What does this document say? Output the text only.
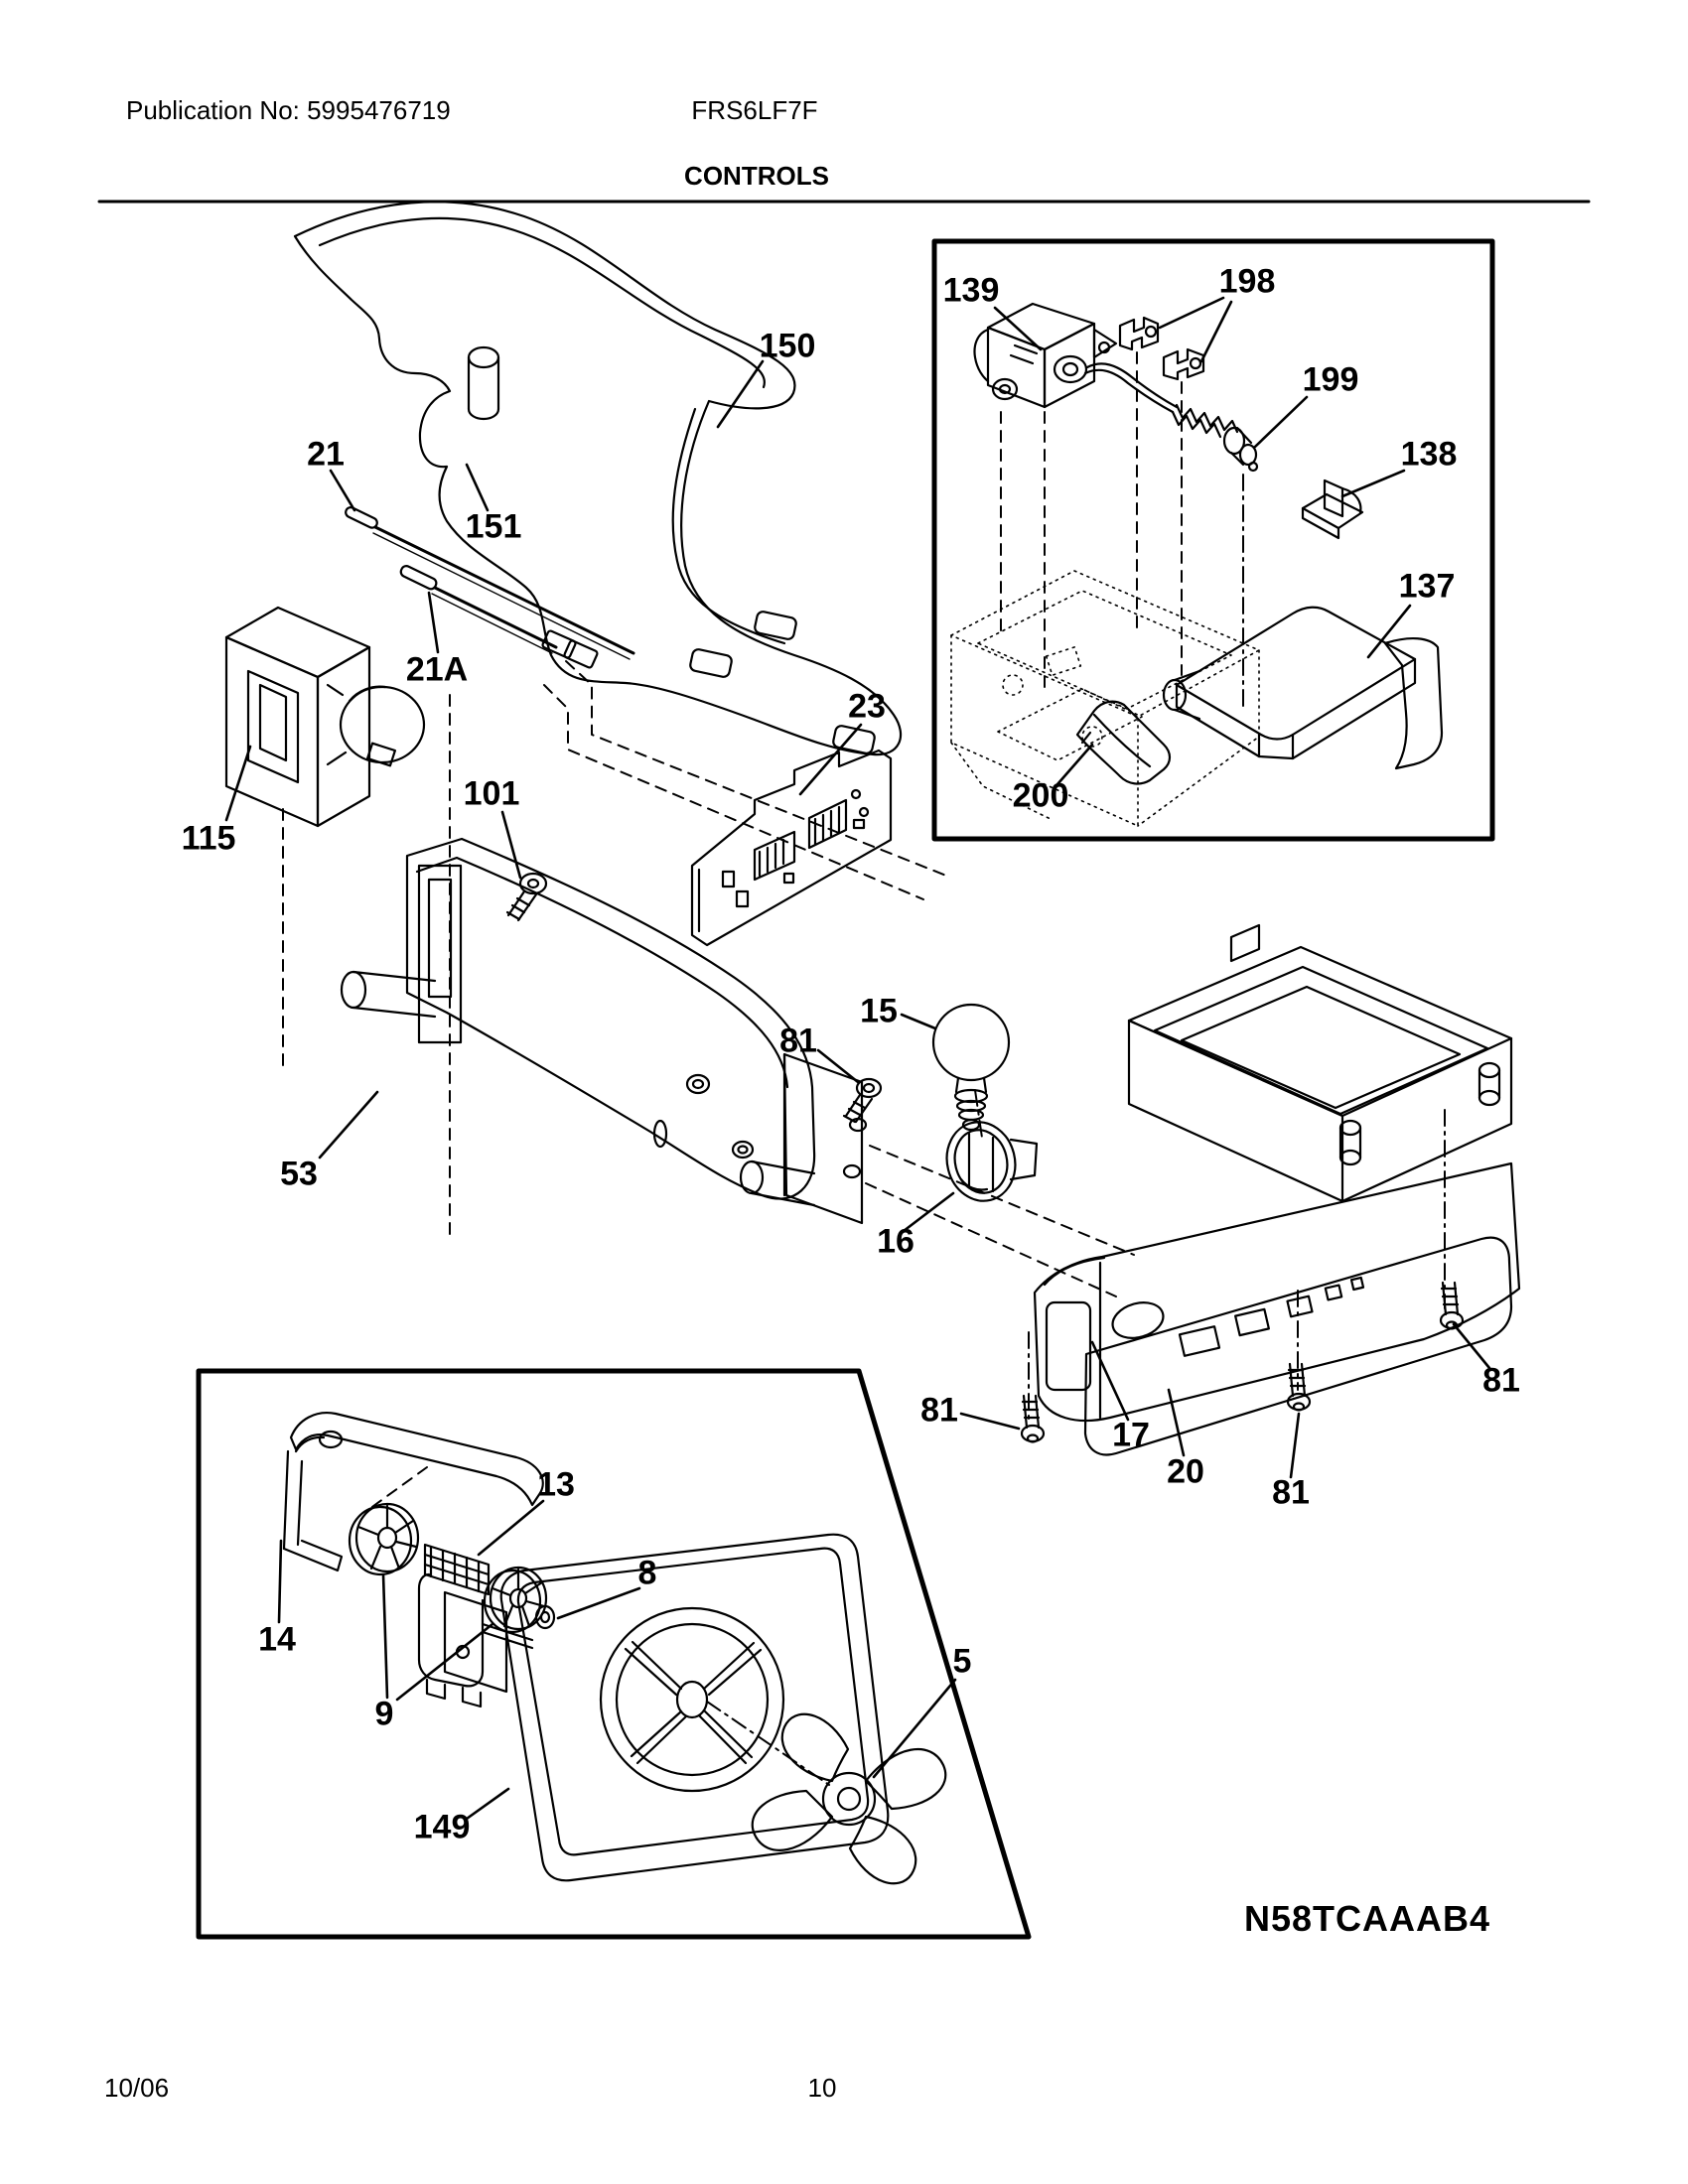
Publication No: 5995476719	FRS6LF7F
CONTROLS
N58TCAAAB4
10/06	10
150
21
151
21A
115
101
23
53
139	198
199
138
137
200
15
81
16
17
20
81
81
81
13
14
8
9
149
5
